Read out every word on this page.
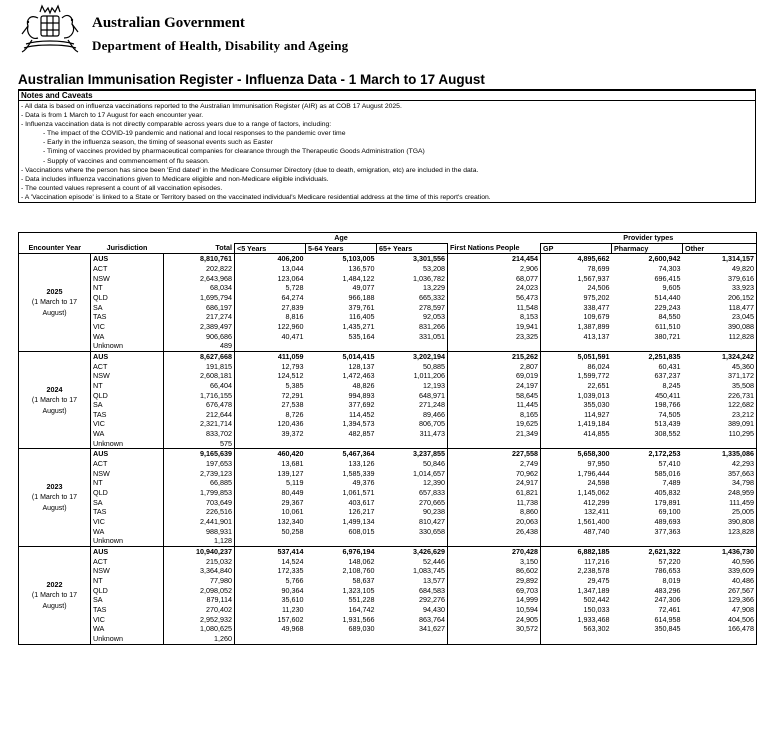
Australian Government
Department of Health, Disability and Ageing
Australian Immunisation Register - Influenza Data - 1 March to 17 August
Notes and Caveats
- All data is based on influenza vaccinations reported to the Australian Immunisation Register (AIR) as at COB 17 August 2025.
- Data is from 1 March to 17 August for each encounter year.
- Influenza vaccination data is not directly comparable across years due to a range of factors, including:
- The impact of the COVID-19 pandemic and national and local responses to the pandemic over time
- Early in the influenza season, the timing of seasonal events such as Easter
- Timing of vaccines provided by pharmaceutical companies for clearance through the Therapeutic Goods Administration (TGA)
- Supply of vaccines and commencement of flu season.
- Vaccinations where the person has since been 'End dated' in the Medicare Consumer Directory (due to death, emigration, etc) are included in the data.
- Data includes influenza vaccinations given to Medicare eligible and non-Medicare eligible individuals.
- The counted values represent a count of all vaccination episodes.
- A 'Vaccination episode' is linked to a State or Territory based on the vaccinated individual's Medicare residential address at the time of this report's creation.
			Age				Provider types		
Encounter Year	Jurisdiction	Total	<5 Years	5-64 Years	65+ Years	First Nations People	GP	Pharmacy	Other

2025
(1 March to 17 August)	AUS	8,810,761	406,200	5,103,005	3,301,556	214,454	4,895,662	2,600,942	1,314,157
	ACT	202,822	13,044	136,570	53,208	2,906	78,699	74,303	49,820
	NSW	2,643,968	123,064	1,484,122	1,036,782	68,077	1,567,937	696,415	379,616
	NT	68,034	5,728	49,077	13,229	24,023	24,506	9,605	33,923
	QLD	1,695,794	64,274	966,188	665,332	56,473	975,202	514,440	206,152
	SA	686,197	27,839	379,761	278,597	11,548	338,477	229,243	118,477
	TAS	217,274	8,816	116,405	92,053	8,153	109,679	84,550	23,045
	VIC	2,389,497	122,960	1,435,271	831,266	19,941	1,387,899	611,510	390,088
	WA	906,686	40,471	535,164	331,051	23,325	413,137	380,721	112,828
	Unknown	489							

2024
(1 March to 17 August)	AUS	8,627,668	411,059	5,014,415	3,202,194	215,262	5,051,591	2,251,835	1,324,242
	ACT	191,815	12,793	128,137	50,885	2,807	86,024	60,431	45,360
	NSW	2,608,181	124,512	1,472,463	1,011,206	69,019	1,599,772	637,237	371,172
	NT	66,404	5,385	48,826	12,193	24,197	22,651	8,245	35,508
	QLD	1,716,155	72,291	994,893	648,971	58,645	1,039,013	450,411	226,731
	SA	676,478	27,538	377,692	271,248	11,445	355,030	198,766	122,682
	TAS	212,644	8,726	114,452	89,466	8,165	114,927	74,505	23,212
	VIC	2,321,714	120,436	1,394,573	806,705	19,625	1,419,184	513,439	389,091
	WA	833,702	39,372	482,857	311,473	21,349	414,855	308,552	110,295
	Unknown	575							

2023
(1 March to 17 August)	AUS	9,165,639	460,420	5,467,364	3,237,855	227,558	5,658,300	2,172,253	1,335,086
	ACT	197,653	13,681	133,126	50,846	2,749	97,950	57,410	42,293
	NSW	2,739,123	139,127	1,585,339	1,014,657	70,962	1,796,444	585,016	357,663
	NT	66,885	5,119	49,376	12,390	24,917	24,598	7,489	34,798
	QLD	1,799,853	80,449	1,061,571	657,833	61,821	1,145,062	405,832	248,959
	SA	703,649	29,367	403,617	270,665	11,738	412,299	179,891	111,459
	TAS	226,516	10,061	126,217	90,238	8,860	132,411	69,100	25,005
	VIC	2,441,901	132,340	1,499,134	810,427	20,063	1,561,400	489,693	390,808
	WA	988,931	50,258	608,015	330,658	26,438	487,740	377,363	123,828
	Unknown	1,128							

2022
(1 March to 17 August)	AUS	10,940,237	537,414	6,976,194	3,426,629	270,428	6,882,185	2,621,322	1,436,730
	ACT	215,032	14,524	148,062	52,446	3,150	117,216	57,220	40,596
	NSW	3,364,840	172,335	2,108,760	1,083,745	86,602	2,238,578	786,653	339,609
	NT	77,980	5,766	58,637	13,577	29,892	29,475	8,019	40,486
	QLD	2,098,052	90,364	1,323,105	684,583	69,703	1,347,189	483,296	267,567
	SA	879,114	35,610	551,228	292,276	14,999	502,442	247,306	129,366
	TAS	270,402	11,230	164,742	94,430	10,594	150,033	72,461	47,908
	VIC	2,952,932	157,602	1,931,566	863,764	24,905	1,933,468	614,958	404,506
	WA	1,080,625	49,968	689,030	341,627	30,572	563,302	350,845	166,478
	Unknown	1,260							
